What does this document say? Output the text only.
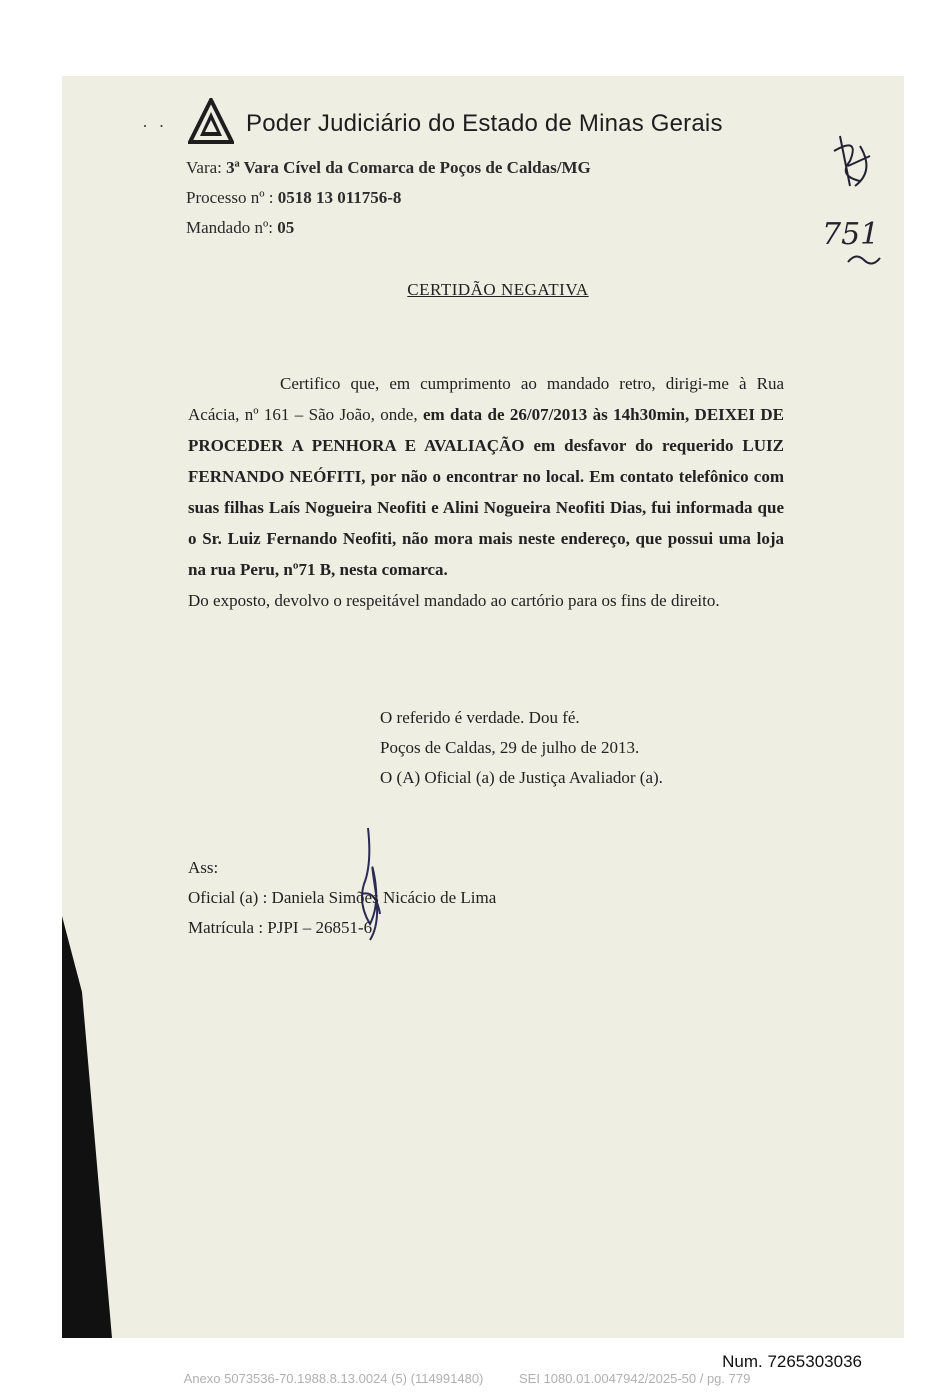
· ·	Poder Judiciário do Estado de Minas Gerais
Vara: 3ª Vara Cível da Comarca de Poços de Caldas/MG
Processo nº : 0518 13 011756-8
Mandado nº: 05	751
CERTIDÃO NEGATIVA

Certifico que, em cumprimento ao mandado retro, dirigi-me à Rua Acácia, nº 161 – São João, onde, em data de 26/07/2013 às 14h30min, DEIXEI DE PROCEDER A PENHORA E AVALIAÇÃO em desfavor do requerido LUIZ FERNANDO NEÓFITI, por não o encontrar no local. Em contato telefônico com suas filhas Laís Nogueira Neofiti e Alini Nogueira Neofiti Dias, fui informada que o Sr. Luiz Fernando Neofiti, não mora mais neste endereço, que possui uma loja na rua Peru, nº71 B, nesta comarca.

Do exposto, devolvo o respeitável mandado ao cartório para os fins de direito.

O referido é verdade. Dou fé.
Poços de Caldas, 29 de julho de 2013.
O (A) Oficial (a) de Justiça Avaliador (a).
Ass:
Oficial (a) : Daniela Simões Nicácio de Lima
Matrícula : PJPI – 26851-6
Num. 7265303036
Anexo 5073536-70.1988.8.13.0024 (5) (114991480)	SEI 1080.01.0047942/2025-50 / pg. 779
